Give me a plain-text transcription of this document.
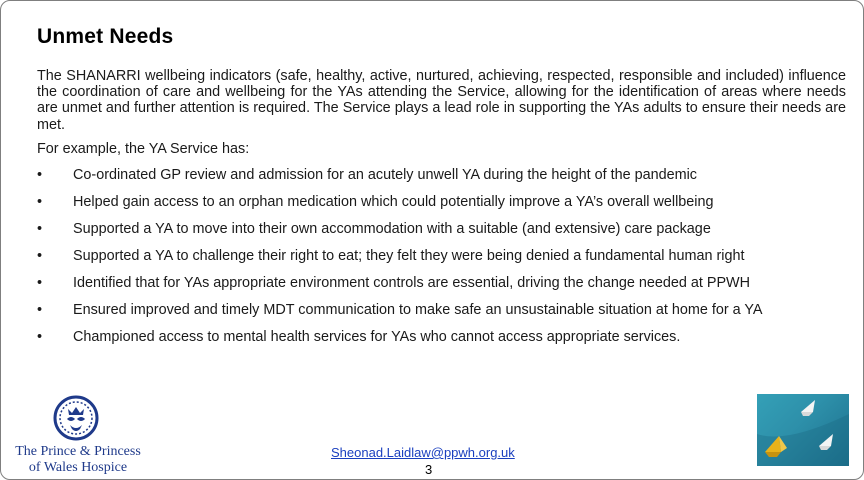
Unmet Needs

The SHANARRI wellbeing indicators (safe, healthy, active, nurtured, achieving, respected, responsible and included) influence the coordination of care and wellbeing for the YAs attending the Service, allowing for the identification of areas where needs are unmet and further attention is required. The Service plays a lead role in supporting the YAs adults to ensure their needs are met.

For example, the YA Service has:

• Co-ordinated GP review and admission for an acutely unwell YA during the height of the pandemic
• Helped gain access to an orphan medication which could potentially improve a YA’s overall wellbeing
• Supported a YA to move into their own accommodation with a suitable (and extensive) care package
• Supported a YA to challenge their right to eat; they felt they were being denied a fundamental human right
• Identified that for YAs appropriate environment controls are essential, driving the change needed at PPWH
• Ensured improved and timely MDT communication to make safe an unsustainable situation at home for a YA
• Championed access to mental health services for YAs who cannot access appropriate services.
The Prince & Princess
of Wales Hospice
Sheonad.Laidlaw@ppwh.org.uk
3
